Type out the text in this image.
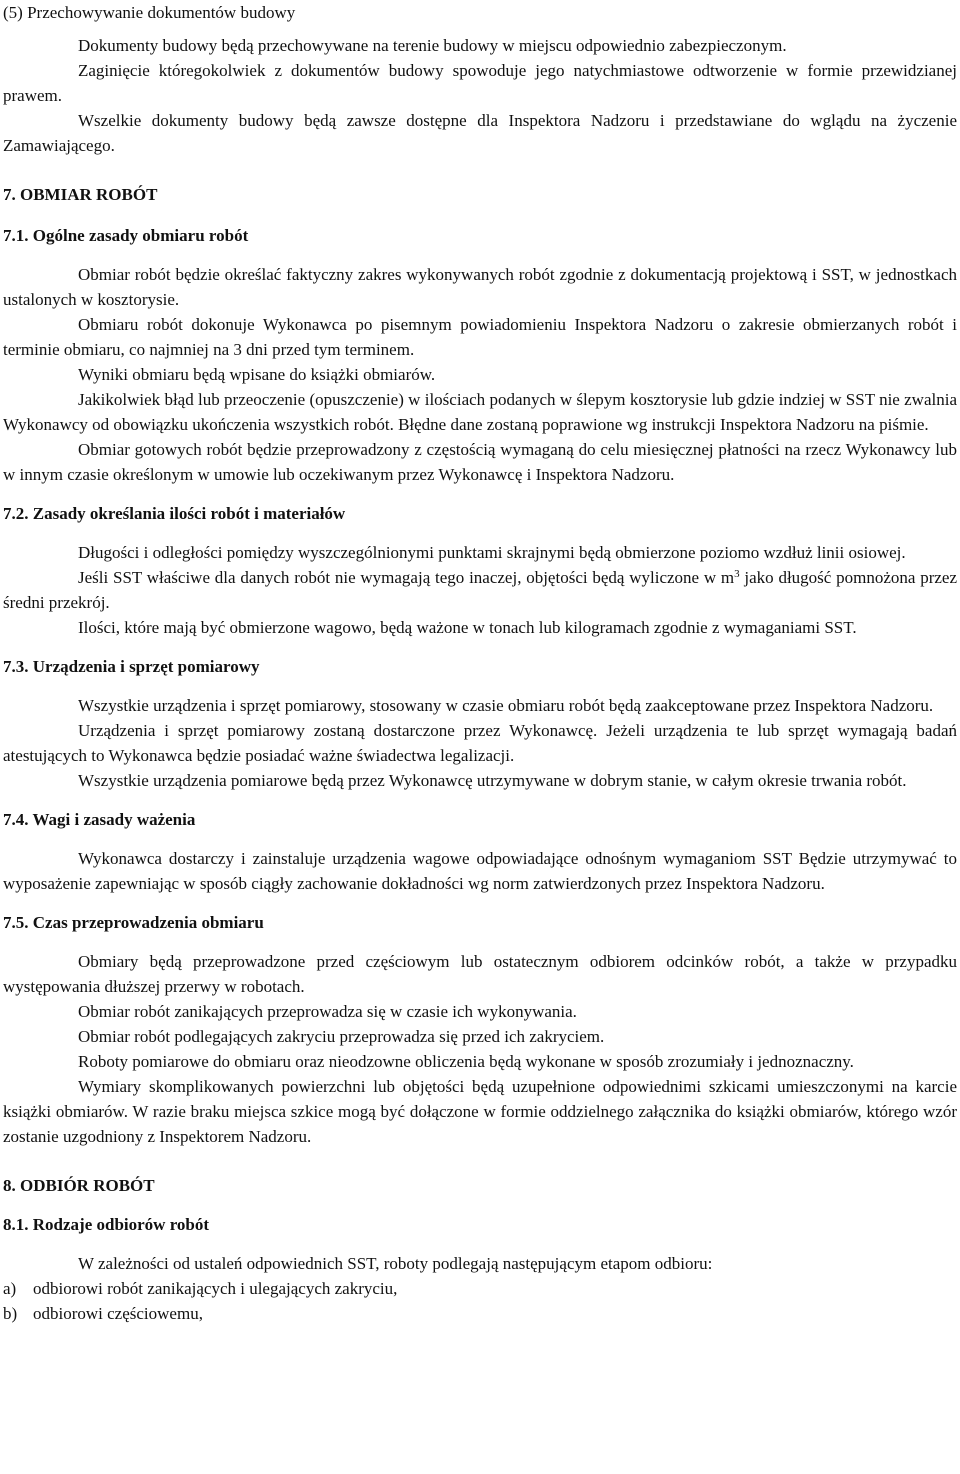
(5) Przechowywanie dokumentów budowy

Dokumenty budowy będą przechowywane na terenie budowy w miejscu odpowiednio zabezpieczonym.

Zaginięcie któregokolwiek z dokumentów budowy spowoduje jego natychmiastowe odtworzenie w formie przewidzianej prawem.

Wszelkie dokumenty budowy będą zawsze dostępne dla Inspektora Nadzoru i przedstawiane do wglądu na życzenie Zamawiającego.

7. OBMIAR ROBÓT

7.1. Ogólne zasady obmiaru robót

Obmiar robót będzie określać faktyczny zakres wykonywanych robót zgodnie z dokumentacją projektową i SST, w jednostkach ustalonych w kosztorysie.

Obmiaru robót dokonuje Wykonawca po pisemnym powiadomieniu Inspektora Nadzoru o zakresie obmierzanych robót i terminie obmiaru, co najmniej na 3 dni przed tym terminem.

Wyniki obmiaru będą wpisane do książki obmiarów.

Jakikolwiek błąd lub przeoczenie (opuszczenie) w ilościach podanych w ślepym kosztorysie lub gdzie indziej w SST nie zwalnia Wykonawcy od obowiązku ukończenia wszystkich robót. Błędne dane zostaną poprawione wg instrukcji Inspektora Nadzoru na piśmie.

Obmiar gotowych robót będzie przeprowadzony z częstością wymaganą do celu miesięcznej płatności na rzecz Wykonawcy lub w innym czasie określonym w umowie lub oczekiwanym przez Wykonawcę i Inspektora Nadzoru.

7.2. Zasady określania ilości robót i materiałów

Długości i odległości pomiędzy wyszczególnionymi punktami skrajnymi będą obmierzone poziomo wzdłuż linii osiowej.

Jeśli SST właściwe dla danych robót nie wymagają tego inaczej, objętości będą wyliczone w $m^3$ jako długość pomnożona przez średni przekrój.

Ilości, które mają być obmierzone wagowo, będą ważone w tonach lub kilogramach zgodnie z wymaganiami SST.

7.3. Urządzenia i sprzęt pomiarowy

Wszystkie urządzenia i sprzęt pomiarowy, stosowany w czasie obmiaru robót będą zaakceptowane przez Inspektora Nadzoru.

Urządzenia i sprzęt pomiarowy zostaną dostarczone przez Wykonawcę. Jeżeli urządzenia te lub sprzęt wymagają badań atestujących to Wykonawca będzie posiadać ważne świadectwa legalizacji.

Wszystkie urządzenia pomiarowe będą przez Wykonawcę utrzymywane w dobrym stanie, w całym okresie trwania robót.

7.4. Wagi i zasady ważenia

Wykonawca dostarczy i zainstaluje urządzenia wagowe odpowiadające odnośnym wymaganiom SST Będzie utrzymywać to wyposażenie zapewniając w sposób ciągły zachowanie dokładności wg norm zatwierdzonych przez Inspektora Nadzoru.

7.5. Czas przeprowadzenia obmiaru

Obmiary będą przeprowadzone przed częściowym lub ostatecznym odbiorem odcinków robót, a także w przypadku występowania dłuższej przerwy w robotach.

Obmiar robót zanikających przeprowadza się w czasie ich wykonywania.

Obmiar robót podlegających zakryciu przeprowadza się przed ich zakryciem.

Roboty pomiarowe do obmiaru oraz nieodzowne obliczenia będą wykonane w sposób zrozumiały i jednoznaczny.

Wymiary skomplikowanych powierzchni lub objętości będą uzupełnione odpowiednimi szkicami umieszczonymi na karcie książki obmiarów. W razie braku miejsca szkice mogą być dołączone w formie oddzielnego załącznika do książki obmiarów, którego wzór zostanie uzgodniony z Inspektorem Nadzoru.

8. ODBIÓR ROBÓT

8.1. Rodzaje odbiorów robót

W zależności od ustaleń odpowiednich SST, roboty podlegają następującym etapom odbioru:

a) odbiorowi robót zanikających i ulegających zakryciu,
b) odbiorowi częściowemu,
